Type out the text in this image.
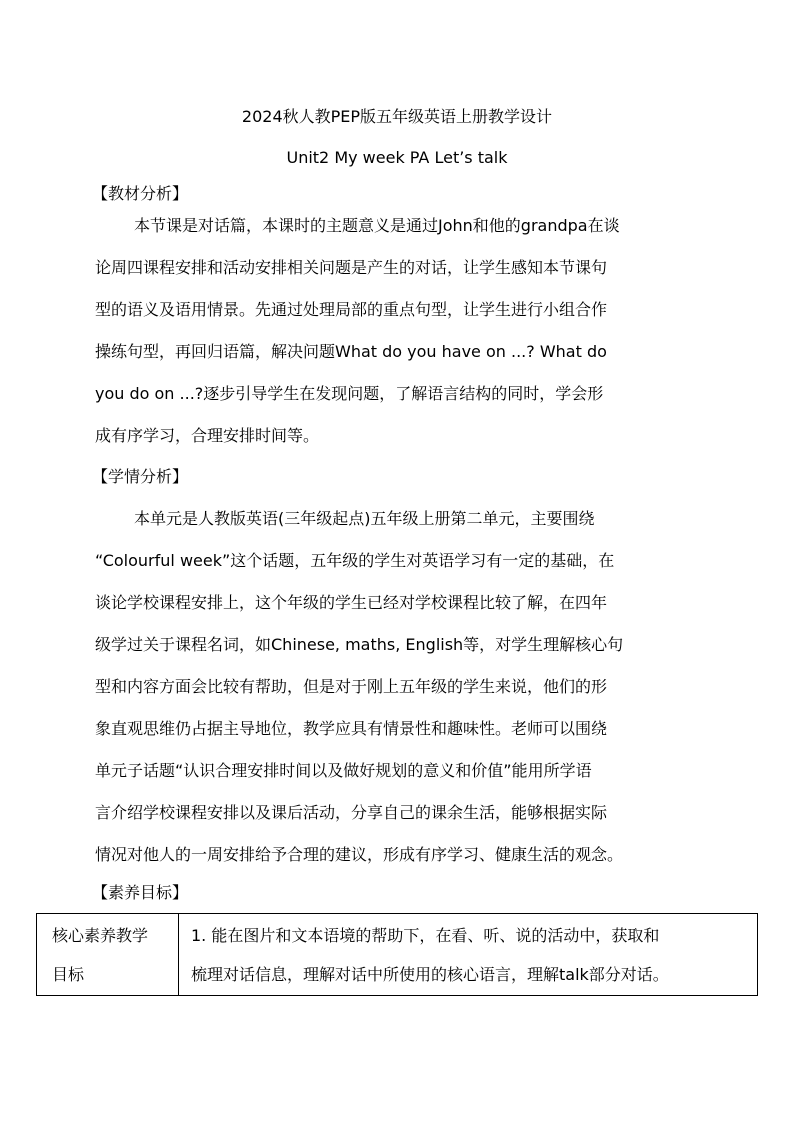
2024秋人教PEP版五年级英语上册教学设计
Unit2 My week PA Let’s talk
【教材分析】
本节课是对话篇，本课时的主题意义是通过John和他的grandpa在谈
论周四课程安排和活动安排相关问题是产生的对话，让学生感知本节课句
型的语义及语用情景。先通过处理局部的重点句型，让学生进行小组合作
操练句型，再回归语篇，解决问题What do you have on ...? What do
you do on ...?逐步引导学生在发现问题，了解语言结构的同时，学会形
成有序学习，合理安排时间等。
【学情分析】
本单元是人教版英语(三年级起点)五年级上册第二单元，主要围绕
“Colourful week”这个话题，五年级的学生对英语学习有一定的基础，在
谈论学校课程安排上，这个年级的学生已经对学校课程比较了解，在四年
级学过关于课程名词，如Chinese, maths, English等，对学生理解核心句
型和内容方面会比较有帮助，但是对于刚上五年级的学生来说，他们的形
象直观思维仍占据主导地位，教学应具有情景性和趣味性。老师可以围绕
单元子话题“认识合理安排时间以及做好规划的意义和价值”能用所学语
言介绍学校课程安排以及课后活动，分享自己的课余生活，能够根据实际
情况对他人的一周安排给予合理的建议，形成有序学习、健康生活的观念。
【素养目标】
核心素养教学
目标
1. 能在图片和文本语境的帮助下，在看、听、说的活动中，获取和
梳理对话信息，理解对话中所使用的核心语言，理解talk部分对话。
